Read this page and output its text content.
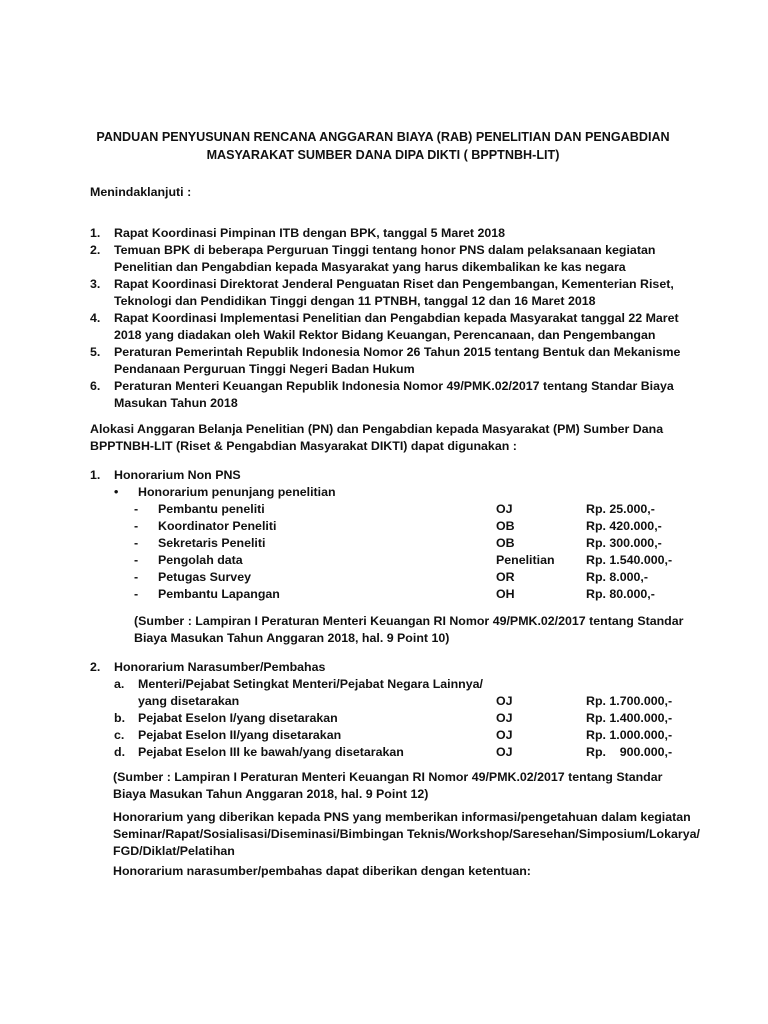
PANDUAN PENYUSUNAN RENCANA ANGGARAN BIAYA (RAB) PENELITIAN DAN PENGABDIAN
MASYARAKAT SUMBER DANA DIPA DIKTI ( BPPTNBH-LIT)

Menindaklanjuti :

1. Rapat Koordinasi Pimpinan ITB dengan BPK, tanggal 5 Maret 2018
2. Temuan BPK di beberapa Perguruan Tinggi tentang honor PNS dalam pelaksanaan kegiatan Penelitian dan Pengabdian kepada Masyarakat yang harus dikembalikan ke kas negara
3. Rapat Koordinasi Direktorat Jenderal Penguatan Riset dan Pengembangan, Kementerian Riset, Teknologi dan Pendidikan Tinggi dengan 11 PTNBH, tanggal 12 dan 16 Maret 2018
4. Rapat Koordinasi Implementasi Penelitian dan Pengabdian kepada Masyarakat tanggal 22 Maret 2018 yang diadakan oleh Wakil Rektor Bidang Keuangan, Perencanaan, dan Pengembangan
5. Peraturan Pemerintah Republik Indonesia Nomor 26 Tahun 2015 tentang Bentuk dan Mekanisme Pendanaan Perguruan Tinggi Negeri Badan Hukum
6. Peraturan Menteri Keuangan Republik Indonesia Nomor 49/PMK.02/2017 tentang Standar Biaya Masukan Tahun 2018

Alokasi Anggaran Belanja Penelitian (PN) dan Pengabdian kepada Masyarakat (PM) Sumber Dana BPPTNBH-LIT (Riset & Pengabdian Masyarakat DIKTI) dapat digunakan :

1. Honorarium Non PNS
• Honorarium penunjang penelitian
- Pembantu peneliti	OJ	Rp. 25.000,-
- Koordinator Peneliti	OB	Rp. 420.000,-
- Sekretaris Peneliti	OB	Rp. 300.000,-
- Pengolah data	Penelitian	Rp. 1.540.000,-
- Petugas Survey	OR	Rp. 8.000,-
- Pembantu Lapangan	OH	Rp. 80.000,-

(Sumber : Lampiran I Peraturan Menteri Keuangan RI Nomor 49/PMK.02/2017 tentang Standar Biaya Masukan Tahun Anggaran 2018, hal. 9 Point 10)

2. Honorarium Narasumber/Pembahas
a. Menteri/Pejabat Setingkat Menteri/Pejabat Negara Lainnya/
yang disetarakan	OJ	Rp. 1.700.000,-
b. Pejabat Eselon I/yang disetarakan	OJ	Rp. 1.400.000,-
c. Pejabat Eselon II/yang disetarakan	OJ	Rp. 1.000.000,-
d. Pejabat Eselon III ke bawah/yang disetarakan	OJ	Rp.    900.000,-

(Sumber : Lampiran I Peraturan Menteri Keuangan RI Nomor 49/PMK.02/2017 tentang Standar Biaya Masukan Tahun Anggaran 2018, hal. 9 Point 12)

Honorarium yang diberikan kepada PNS yang memberikan informasi/pengetahuan dalam kegiatan Seminar/Rapat/Sosialisasi/Diseminasi/Bimbingan Teknis/Workshop/Saresehan/Simposium/Lokarya/ FGD/Diklat/Pelatihan

Honorarium narasumber/pembahas dapat diberikan dengan ketentuan:
